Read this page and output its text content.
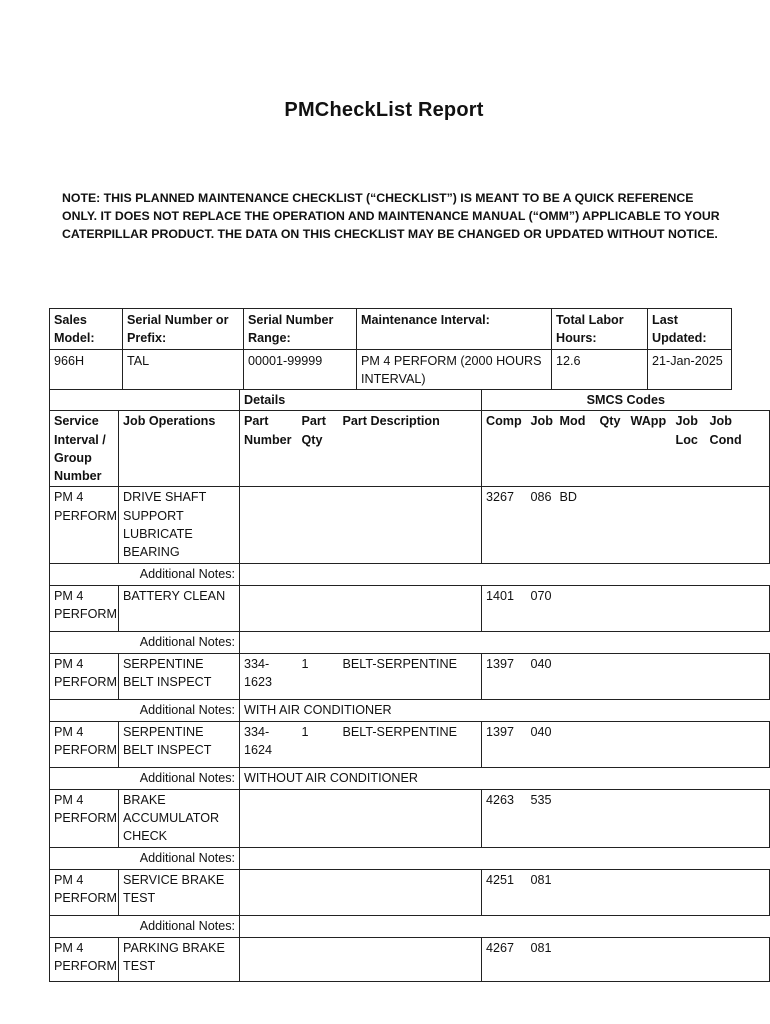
PMCheckList Report
NOTE: THIS PLANNED MAINTENANCE CHECKLIST (“CHECKLIST”) IS MEANT TO BE A QUICK REFERENCE ONLY. IT DOES NOT REPLACE THE OPERATION AND MAINTENANCE MANUAL (“OMM”) APPLICABLE TO YOUR CATERPILLAR PRODUCT. THE DATA ON THIS CHECKLIST MAY BE CHANGED OR UPDATED WITHOUT NOTICE.
Sales Model:	Serial Number or Prefix:	Serial Number Range:	Maintenance Interval:	Total Labor Hours:	Last Updated:
966H	TAL	00001-99999	PM 4 PERFORM (2000 HOURS INTERVAL)	12.6	21-Jan-2025
		Details			SMCS Codes						
Service Interval / Group Number	Job Operations	Part Number	Part Qty	Part Description	Comp	Job	Mod	Qty	WApp	Job Loc	Job Cond
PM 4 PERFORM	DRIVE SHAFT SUPPORT LUBRICATE BEARING				3267	086	BD				
Additional Notes:											
PM 4 PERFORM	BATTERY CLEAN				1401	070					
Additional Notes:											
PM 4 PERFORM	SERPENTINE BELT INSPECT	334-1623	1	BELT-SERPENTINE	1397	040					
Additional Notes:		WITH AIR CONDITIONER									
PM 4 PERFORM	SERPENTINE BELT INSPECT	334-1624	1	BELT-SERPENTINE	1397	040					
Additional Notes:		WITHOUT AIR CONDITIONER									
PM 4 PERFORM	BRAKE ACCUMULATOR CHECK				4263	535					
Additional Notes:											
PM 4 PERFORM	SERVICE BRAKE TEST				4251	081					
Additional Notes:											
PM 4 PERFORM	PARKING BRAKE TEST				4267	081					
